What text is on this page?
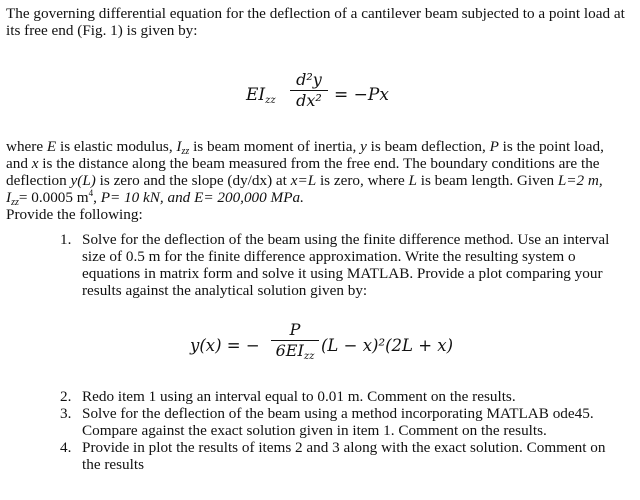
The governing differential equation for the deflection of a cantilever beam subjected to a point load at its free end (Fig. 1) is given by:

$EI_{zz}$
d²y
dx² = −Px

where E is elastic modulus, $I_{zz}$ is beam moment of inertia, y is beam deflection, P is the point load, and x is the distance along the beam measured from the free end. The boundary conditions are the deflection y(L) is zero and the slope (dy/dx) at x=L is zero, where L is beam length. Given L=2 m, $I_{zz}= 0.0005$ $m^4$, P= 10 kN, and E= 200,000 MPa.

Provide the following:

1. Solve for the deflection of the beam using the finite difference method. Use an interval size of 0.5 m for the finite difference approximation. Write the resulting system o equations in matrix form and solve it using MATLAB. Provide a plot comparing your results against the analytical solution given by:
y(x) = −
P
$6EI_{zz}$
(L − x)²(2L + x)
2. Redo item 1 using an interval equal to 0.01 m. Comment on the results.
3. Solve for the deflection of the beam using a method incorporating MATLAB ode45. Compare against the exact solution given in item 1. Comment on the results.
4. Provide in plot the results of items 2 and 3 along with the exact solution. Comment on the results
